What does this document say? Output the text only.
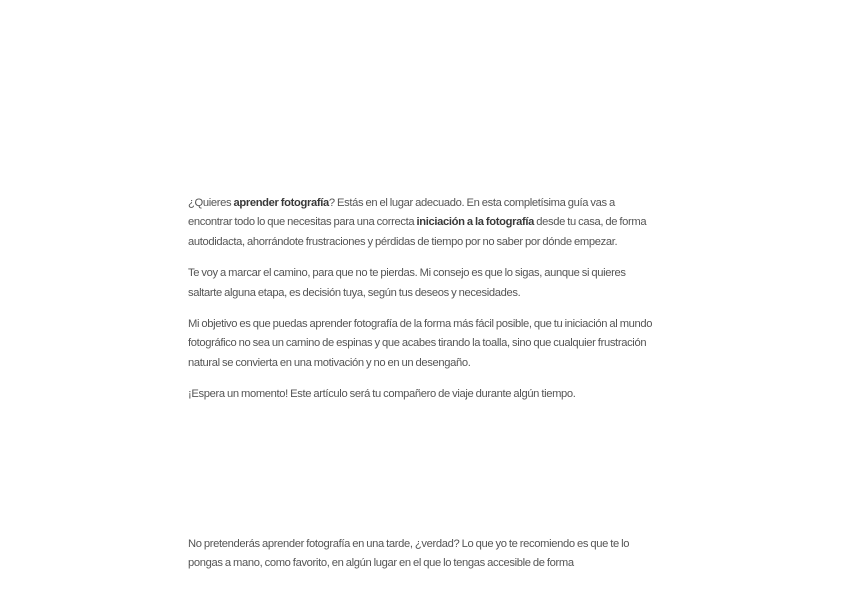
¿Quieres aprender fotografía? Estás en el lugar adecuado. En esta completísima guía vas a encontrar todo lo que necesitas para una correcta iniciación a la fotografía desde tu casa, de forma autodidacta, ahorrándote frustraciones y pérdidas de tiempo por no saber por dónde empezar.

Te voy a marcar el camino, para que no te pierdas. Mi consejo es que lo sigas, aunque si quieres saltarte alguna etapa, es decisión tuya, según tus deseos y necesidades.

Mi objetivo es que puedas aprender fotografía de la forma más fácil posible, que tu iniciación al mundo fotográfico no sea un camino de espinas y que acabes tirando la toalla, sino que cualquier frustración natural se convierta en una motivación y no en un desengaño.

¡Espera un momento! Este artículo será tu compañero de viaje durante algún tiempo.

No pretenderás aprender fotografía en una tarde, ¿verdad? Lo que yo te recomiendo es que te lo pongas a mano, como favorito, en algún lugar en el que lo tengas accesible de forma
